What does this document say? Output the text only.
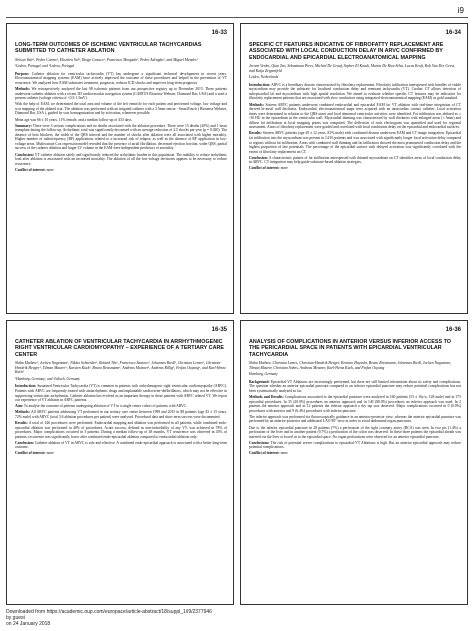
i9
16-33
LONG-TERM OUTCOMES OF ISCHEMIC VENTRICULAR TACHYCARDIAS SUBMITTED TO CATHETER ABLATION
Nelson Vale¹, Pedro Carmo¹, Eliseben Val¹, Diogo Cavaco¹, Francisco Morgado¹, Pedro Adragão¹, and Miguel Mendes¹
¹Lisbon, Portugal; and ²Lisboa, Portugal

Purpose: Catheter ablation for ventricular tachycardia (VT) has undergone a significant technical development in recent years. Electroanatomical mapping systems (EAM) have actively improved the outcome of these procedures and helped in the prevention of VT recurrence. We analyzed how EAM substrates treatment, prognosis, reduces ICD shocks and improves long-term prognosis.

Methods: We retrospectively analyzed the last 98 ischemic patients from our prospective registry up to December 2015. These patients underwent catheter ablation with a recent 3D cardiovascular navigation system (CARTO3 Biosense Webster, Diamond Bar, USA) and a used a present catheter (voltage criteria of <0.5-1.5mV).

With the help of EAM, we determined the total area and volume of the left ventricle for each patient and performed voltage, low voltage and scar mapping of the ablated scar. The ablation was performed with an irrigated catheter with a 3.5mm sensor - SmartTouch ( Biosense Webster, Diamond Bar, USA ), guided by scar homogenization and by activation, whenever possible.

Mean age was 66 ± 10 years, 11% female, and a median follow-up of 433 days.

Summary: There were 3 serious complications and no deaths associated with the ablation procedure. There were 13 deaths (20%) and 1 heart transplant during the follow-up. Arrhythmic total was significantly decreased with an average reduction of 2.5 shocks per year (p = 0.020). The absence of beta blockers, the width of the QRS interval and the number of shocks after ablation were all associated with higher mortality. Higher number of radiofrequency (RF) applications related to a increased risk of relapse, as well as the absence of RF application in low-voltage areas. Multivariate Cox regression model revealed that the presence of atrial fibrillation, decreased ejection fraction, wider QRS, partial success of the catheter ablation and larger LV volume in the EAM were independent predictors of mortality.

Conclusion: VT catheter ablation safely and significantly reduced the arrhythmic burden in this population. The inability to reduce arrhythmic load after ablation is associated with an increased mortality. The ablation of all the low-voltage territories appears to be necessary to reduce recurrence.

Conflict of interest: none

16-34
SPECIFIC CT FEATURES INDICATIVE OF FIBROFATTY REPLACEMENT ARE ASSOCIATED WITH LOCAL CONDUCTION DELAY IN ARVC CONFIRMED BY ENDOCARDIAL AND EPICARDIAL ELECTROANATOMICAL MAPPING
Jeroen Venlet, Qian Tao, Sebastiaan Piers, Michiel De Graaf, Sepher El Kaadi, Martin De Riva Silva, Lucas Kroft, Rob Van Der Geest, and Katja Zeppenfeld
Leiden, Netherlands

Introduction: ARVC is a hereditary disease characterized by fibrofatty replacement. Fibrofatty infiltration interspersed with bundles of viable myocardium may provide the substrate for localized conduction delay and reentrant tachycardia (VT). Cardiac CT allows detection of subepicardial fat and myocardium with high spatial resolution. We aimed to evaluate whether specific CT features may be indicative for fibrofatty replacement patterns that are associated with slow conduction using integrated electroanatomical mapping (EAM) as gold standard.

Methods: Sixteen ARVC patients underwent combined endocardial and epicardial EAM for VT ablation with real-time integration of CT derived bi-atrial wall thickness. Endocardial, electroanatomical maps were acquired with an intracardiac contact catheter. Local activation times were determined in relation to the QRS onset and local abnormal ventricular activities were identified. Fat infiltration was defined as ≥ -30 HU in the epicardium in the ventricular wall. Myocardial thinning was characterised by wall thickness with enlarged areas (≤ 5mm) and diffuse fat infiltration at local mapping points was computed. The deflection of each electrogram was quantified and used for regional assessment. Areas of fibrofatty replacement were graded and correlated with local conduction delay on the epicardial and endocardial surfaces.

Results: Sixteen ARVC patients (age 49 ± 12 years, 81% male) with confirmed disease underwent EAM and CT image integration. Epicardial fat infiltration into the myocardium was present in 14/16 patients and was associated with significantly longer local activation delay compared to regions without fat infiltration. Areas with combined wall thinning and fat infiltration showed the most pronounced conduction delay and the highest proportion of late potentials. The percentage of the epicardial surface with delayed activation was significantly correlated with the extent of fibrofatty replacement on CT.

Conclusion: A characteristic pattern of fat infiltration interspersed with thinned myocardium on CT identifies areas of local conduction delay in ARVC. CT integration may help guide substrate-based ablation strategies.

Conflict of interest: none

16-35
CATHETER ABLATION OF VENTRICULAR TACHYCARDIA IN ARRHYTHMOGENIC RIGHT VENTRICULAR CARDIOMYOPATHY – EXPERIENCE OF A TERTIARY CARE CENTER
Shibu Mathew¹, Jochen Nageanan¹, Niklas Schneider¹, Roland Tilz², Francesco Santoro¹, Johannes Riedl¹, Christian Lemes¹, Christian-Hendrik Heeger¹, Tilman Maurer¹, Karsten Kuck¹, Bruno Reissmann¹, Andreas Metzner¹, Andreas Rillig¹, Feifan Ouyang¹, and Karl-Heinz Kuck¹
¹Hamburg, Germany; and ²Lübeck, Germany

Introduction: Sustained Ventricular Tachycardia (VT) is common in patients with arrhythmogenic right ventricular cardiomyopathy (ARVC). Patients with ARVC are frequently treated with antiarrhythmic drugs and implantable cardioverter-defibrillators, which may not be effective in suppressing ventricular arrhythmias. Catheter ablation has evolved as an important therapy in these patients with ARVC related VT. We report our experience of VT ablation in ARVC patients.

Aim: To analyse the outcome of patients undergoing ablation of VT in a single centre cohort of patients with ARVC.

Methods: All ARVC patients addressing VT performed in our tertiary care centre between 1998 and 2015 in 88 patients (age 45 ± 15 years, 72% male) with ARVC (total 3.6 ablation procedures per patient) were analysed. Procedural data and short-term success were documented.

Results: A total of 146 procedures were performed. Endocardial mapping and ablation was performed in all patients, while combined endo-epicardial ablation was performed in 40% of procedures. Acute success, defined as non-inducibility of any VT, was achieved in 78% of procedures. Major complications occurred in 3 patients. During a median follow-up of 48 months, VT recurrence was observed in 43% of patients; recurrence was significantly lower after combined endo-epicardial ablation compared to endocardial ablation only.

Conclusion: Catheter ablation of VT in ARVC is safe and effective. A combined endo-epicardial approach is associated with a better long-term outcome.

Conflict of interest: none

16-36
ANALYSIS OF COMPLICATIONS IN ANTERIOR VERSUS INFERIOR ACCESS TO THE PERICARDIAL SPACE IN PATIENTS WITH EPICARDIAL VENTRICULAR TACHYCARDIA
Shibu Mathew, Christian Lemes, Christian-Hendrik Heeger, Kentaro Hayashi, Bruno Reissmann, Johannes Riedl, Jochen Nageanan, Tilman Maurer, Christian Sohns, Andreas Metzner, Karl-Heinz Kuck, and Feifan Ouyang
Hamburg, Germany

Background: Epicardial-VT Ablations are increasingly performed, but there are still limited information about its safety and complications. The question whether an anterior epicardial puncture compared to an inferior epicardial puncture may reduce potential complications has not been systematically analyzed so far.

Methods and Results: Complications associated to the epicardial puncture were analyzed in 160 patients (53 ± 16y/o, 128 male) and in 175 epicardial procedures. In 35 (20.0%) procedures an anterior approach and in 140 (80.0%) procedures an inferior approach was used. In 2 patients the anterior approach and in 12 patients the inferior approach a dry tap was observed. Major complications occurred in 0 (0.0%) procedures with anterior and 9 (6.4%) procedures with inferior puncture.

The inferior approach was performed via fluoroscopically guidance in an anterior-posterior view, whereas the anterior epicardial puncture was performed by an anterior-posterior and additional LAO 90° view in order to avoid abdominal organ punctures.

Due to the inferior epicardial puncture in 28 patients (7%) a perforation of the right coronary artery (RCA) was seen. In two pts (1.4%) a perforation of the liver and in another patient (0.7%) a perforation of the colon was observed. In these three patients the epicardial sheath was inserted via the liver or bowel in to the epicardial space. No organ perforations were observed for an anterior epicardial puncture.

Conclusions: The risk of potential severe complications to epicardial-VT Ablations is high. But an anterior epicardial approach may reduce potential complications.

Conflict of interest: none

Downloaded from https://academic.oup.com/europace/article-abstract/18/suppl_1/i9/2377946
by guest
on 24 January 2018
